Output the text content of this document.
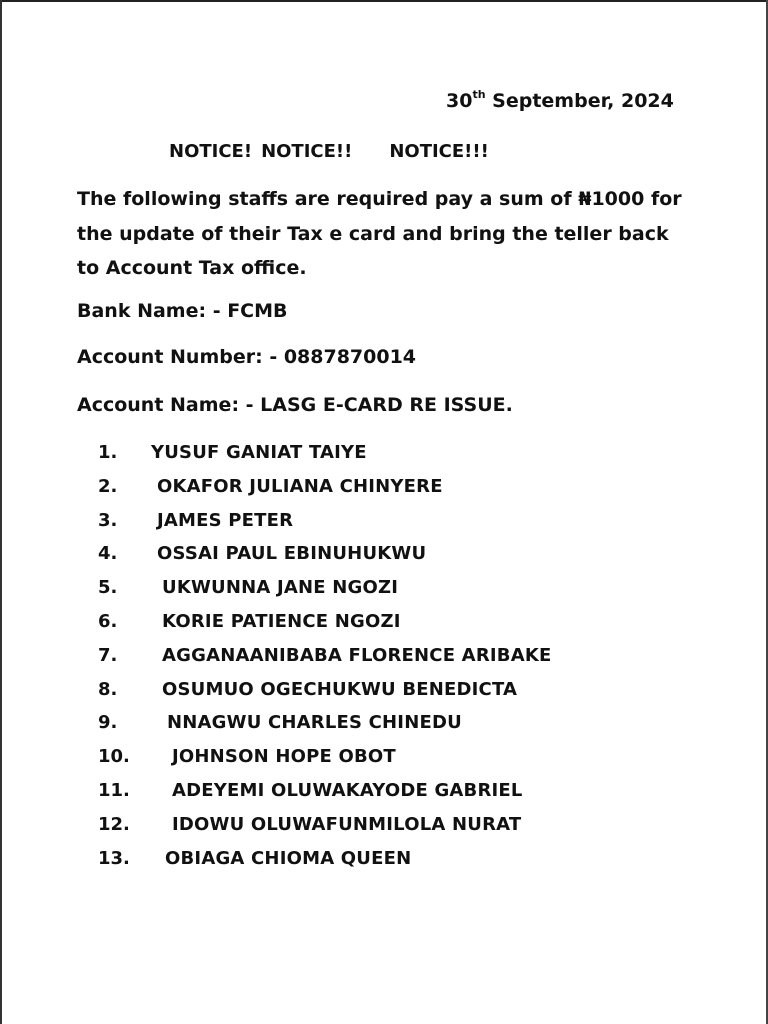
30th September, 2024
NOTICE! NOTICE!! NOTICE!!!
The following staffs are required pay a sum of ₦1000 for
the update of their Tax e card and bring the teller back
to Account Tax office.
Bank Name: - FCMB
Account Number: - 0887870014
Account Name: - LASG E-CARD RE ISSUE.
1. YUSUF GANIAT TAIYE
2. OKAFOR JULIANA CHINYERE
3. JAMES PETER
4. OSSAI PAUL EBINUHUKWU
5. UKWUNNA JANE NGOZI
6. KORIE PATIENCE NGOZI
7. AGGANAANIBABA FLORENCE ARIBAKE
8. OSUMUO OGECHUKWU BENEDICTA
9.	NNAGWU CHARLES CHINEDU
10. JOHNSON HOPE OBOT
11. ADEYEMI OLUWAKAYODE GABRIEL
12. IDOWU OLUWAFUNMILOLA NURAT
13. OBIAGA CHIOMA QUEEN
